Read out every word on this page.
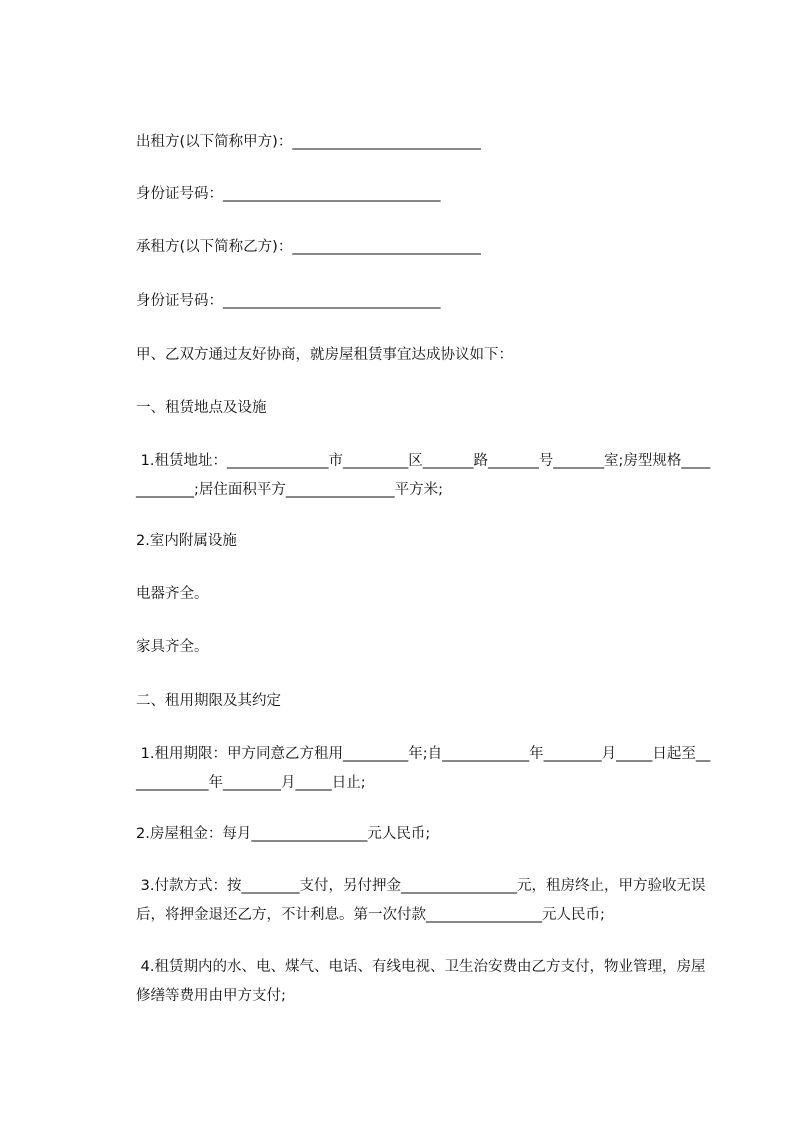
出租方(以下简称甲方)：__________________________

身份证号码：______________________________

承租方(以下简称乙方)：__________________________

身份证号码：______________________________

甲、乙双方通过友好协商，就房屋租赁事宜达成协议如下：

一、租赁地点及设施

1.租赁地址：______________市_________区_______路_______号_______室;房型规格____________;居住面积平方_______________平方米;

2.室内附属设施

电器齐全。

家具齐全。

二、租用期限及其约定

1.租用期限：甲方同意乙方租用_________年;自____________年________月_____日起至____________年________月_____日止;

2.房屋租金：每月________________元人民币;

3.付款方式：按________支付，另付押金________________元，租房终止，甲方验收无误后，将押金退还乙方，不计利息。第一次付款________________元人民币;

4.租赁期内的水、电、煤气、电话、有线电视、卫生治安费由乙方支付，物业管理，房屋修缮等费用由甲方支付;
